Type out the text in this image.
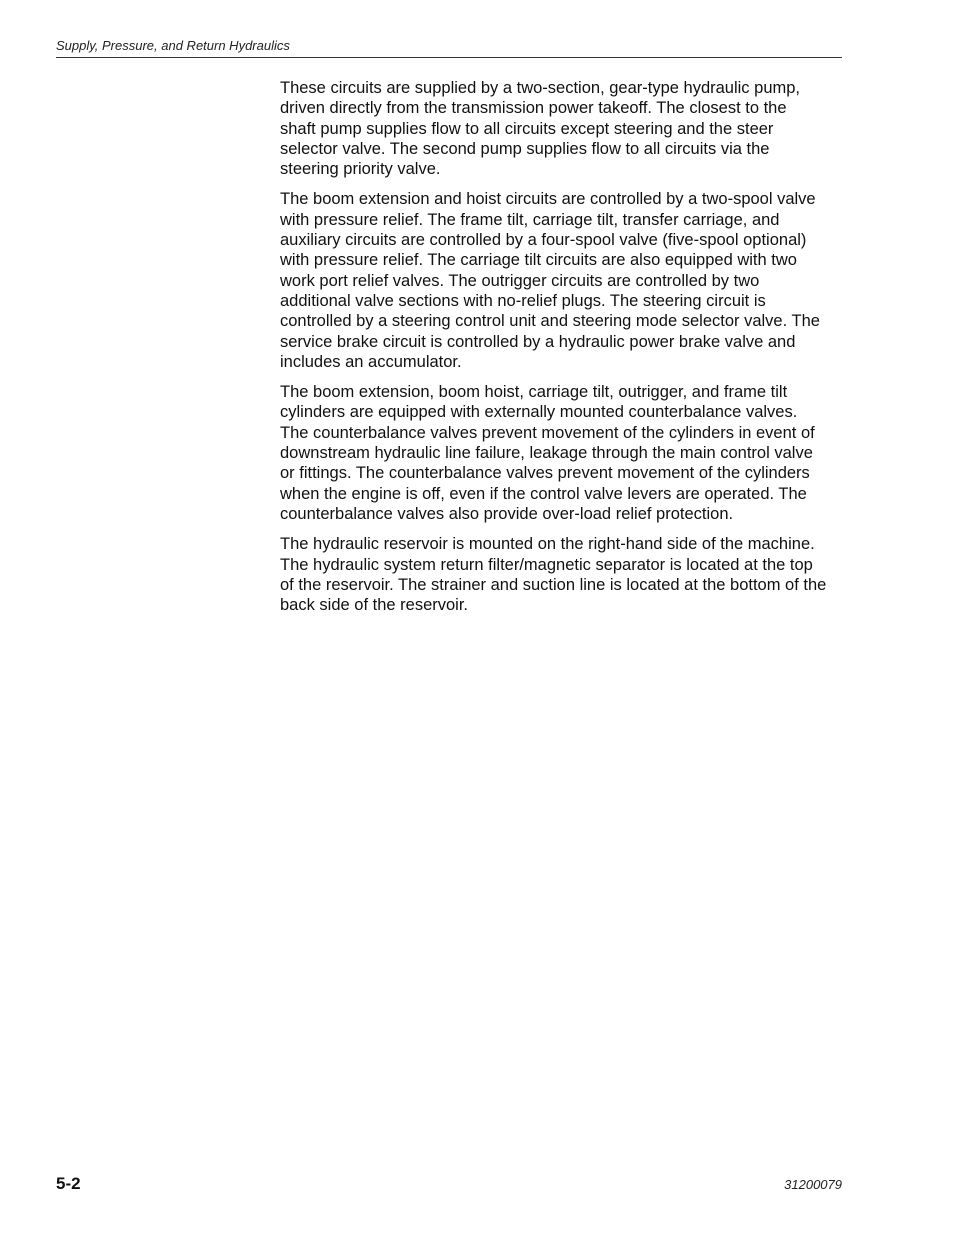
Supply, Pressure, and Return Hydraulics

These circuits are supplied by a two-section, gear-type hydraulic pump,
driven directly from the transmission power takeoff. The closest to the
shaft pump supplies flow to all circuits except steering and the steer
selector valve. The second pump supplies flow to all circuits via the
steering priority valve.

The boom extension and hoist circuits are controlled by a two-spool valve
with pressure relief. The frame tilt, carriage tilt, transfer carriage, and
auxiliary circuits are controlled by a four-spool valve (five-spool optional)
with pressure relief. The carriage tilt circuits are also equipped with two
work port relief valves. The outrigger circuits are controlled by two
additional valve sections with no-relief plugs. The steering circuit is
controlled by a steering control unit and steering mode selector valve. The
service brake circuit is controlled by a hydraulic power brake valve and
includes an accumulator.

The boom extension, boom hoist, carriage tilt, outrigger, and frame tilt
cylinders are equipped with externally mounted counterbalance valves.
The counterbalance valves prevent movement of the cylinders in event of
downstream hydraulic line failure, leakage through the main control valve
or fittings. The counterbalance valves prevent movement of the cylinders
when the engine is off, even if the control valve levers are operated. The
counterbalance valves also provide over-load relief protection.

The hydraulic reservoir is mounted on the right-hand side of the machine.
The hydraulic system return filter/magnetic separator is located at the top
of the reservoir. The strainer and suction line is located at the bottom of the
back side of the reservoir.

5-2	31200079
